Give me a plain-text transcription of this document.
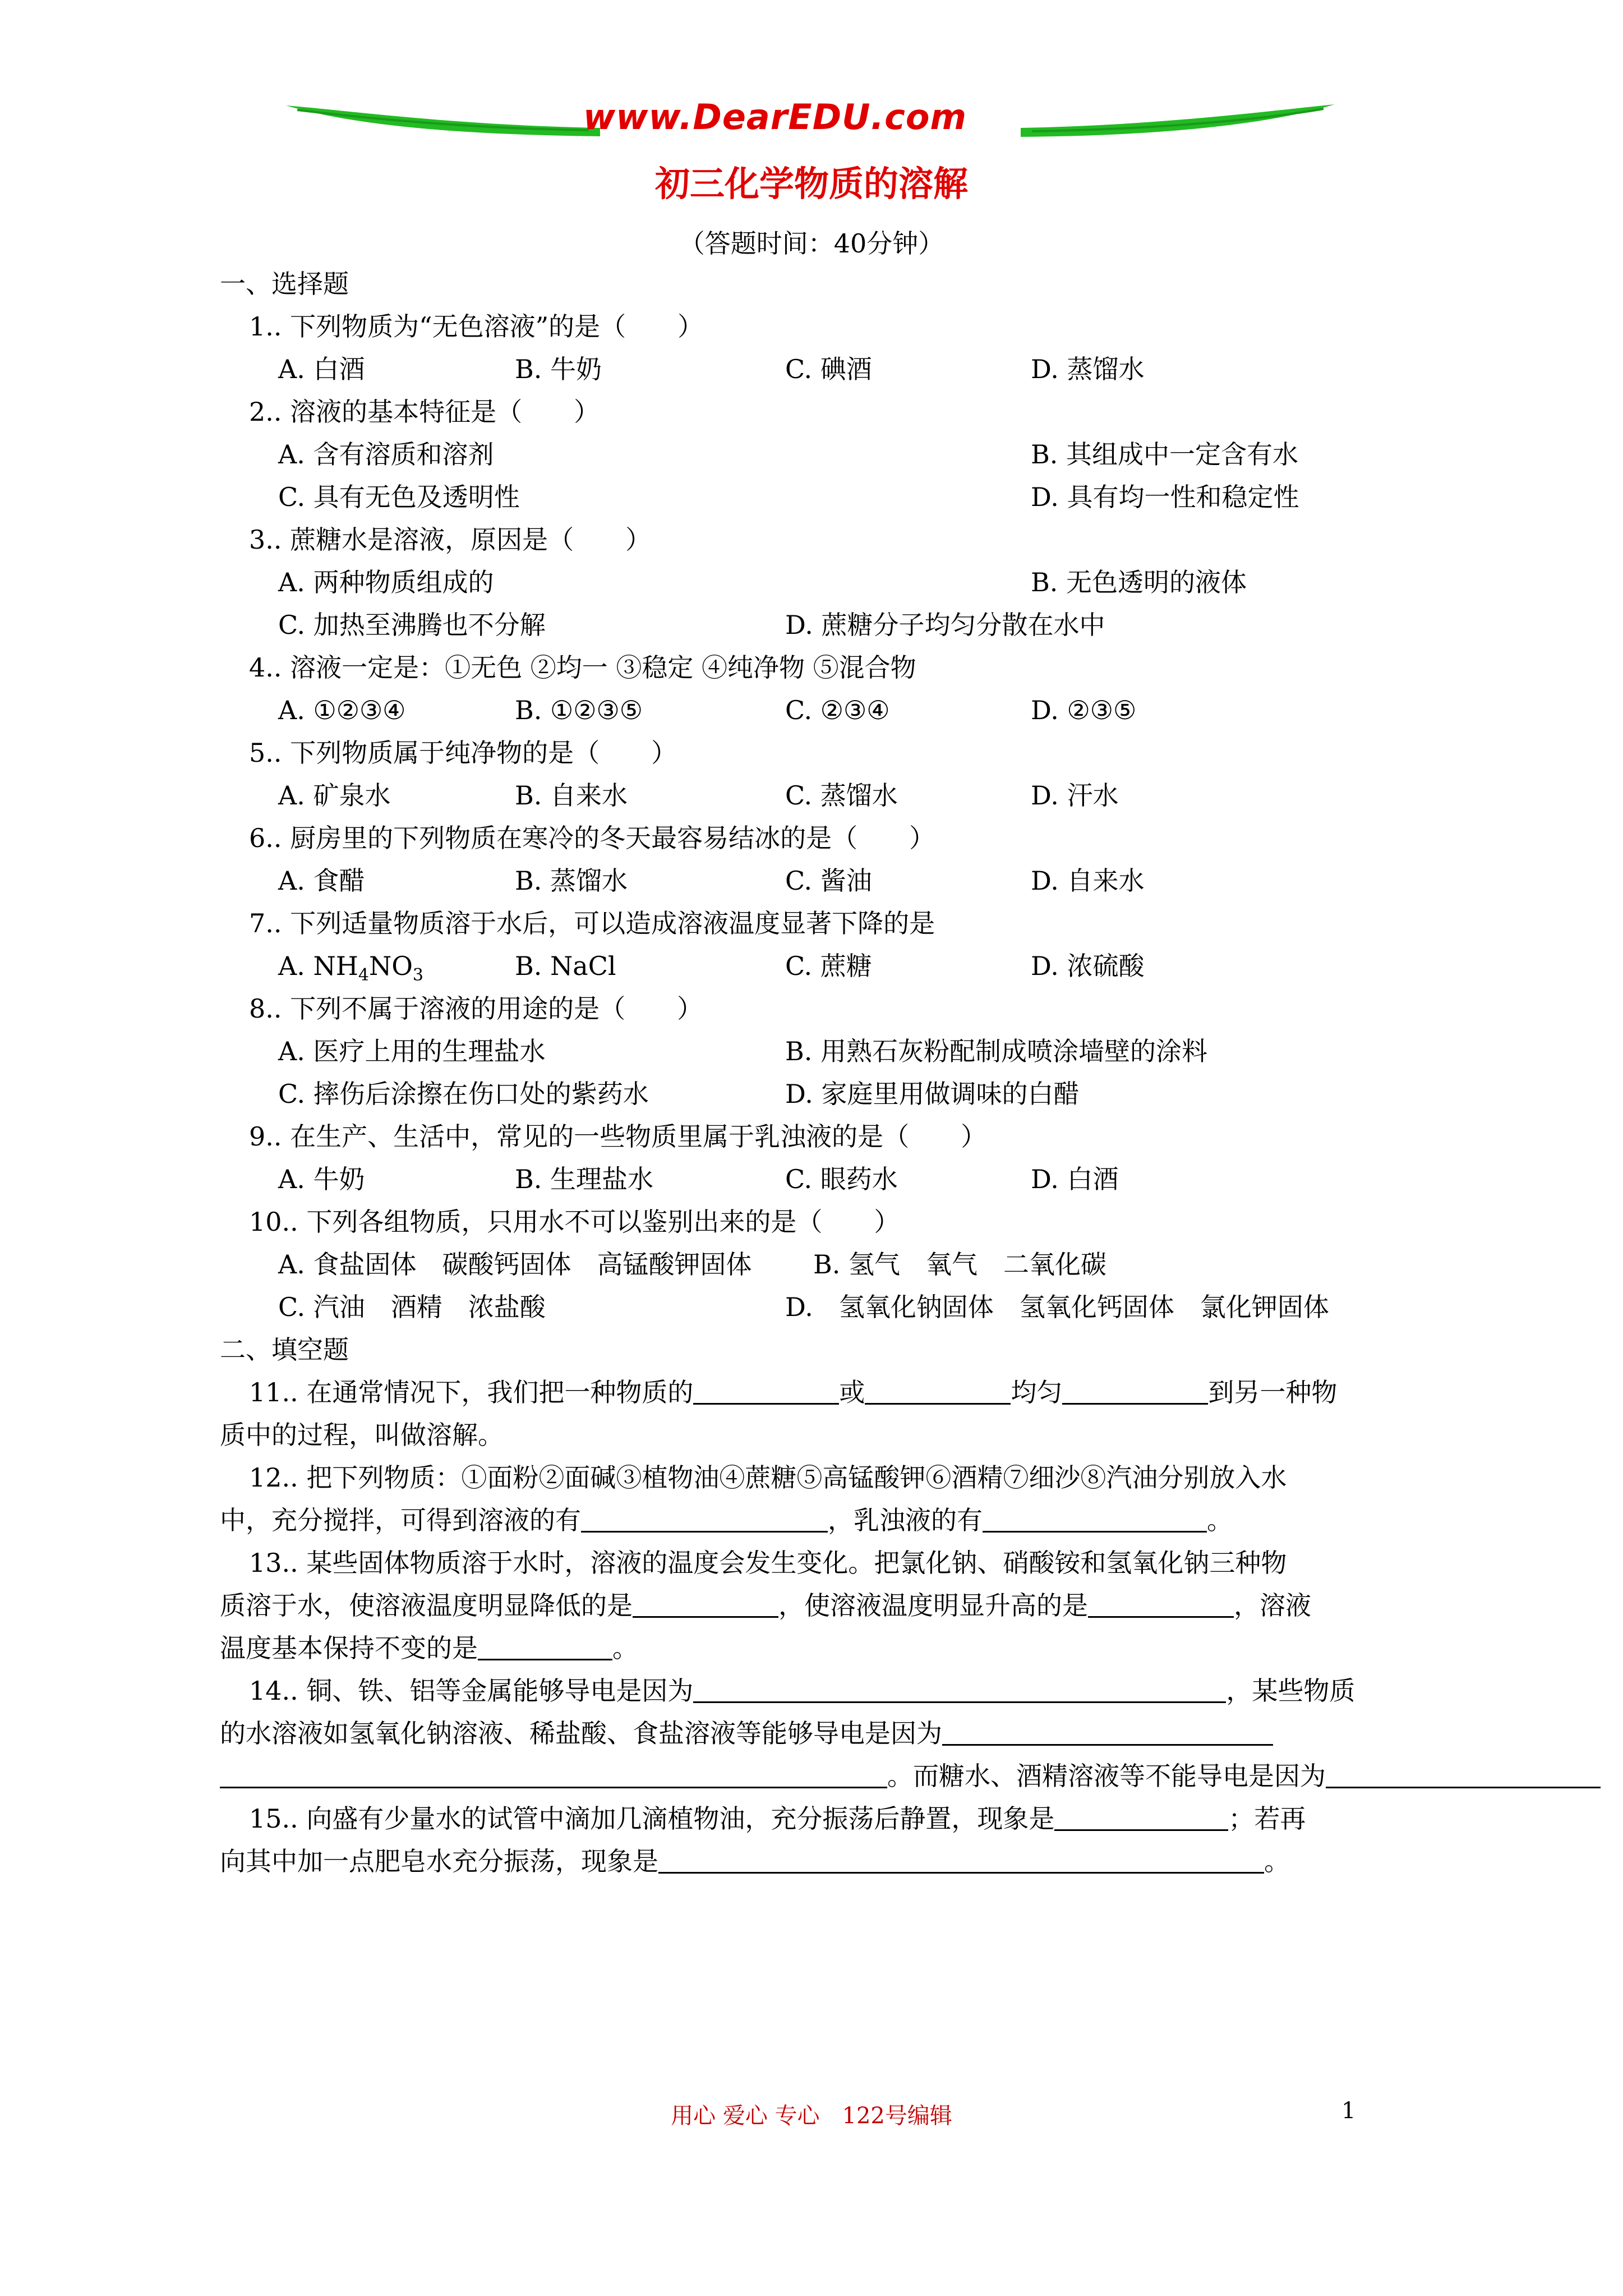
www.DearEDU.com
初三化学物质的溶解
（答题时间：40分钟）
一、选择题
1.. 下列物质为“无色溶液”的是（　　）
A. 白酒	B. 牛奶	C. 碘酒	D. 蒸馏水
2.. 溶液的基本特征是（　　）
A. 含有溶质和溶剂	B. 其组成中一定含有水
C. 具有无色及透明性	D. 具有均一性和稳定性
3.. 蔗糖水是溶液，原因是（　　）
A. 两种物质组成的	B. 无色透明的液体
C. 加热至沸腾也不分解	D. 蔗糖分子均匀分散在水中
4.. 溶液一定是：①无色 ②均一 ③稳定 ④纯净物 ⑤混合物
A. ①②③④	B. ①②③⑤	C. ②③④	D. ②③⑤
5.. 下列物质属于纯净物的是（　　）
A. 矿泉水	B. 自来水	C. 蒸馏水	D. 汗水
6.. 厨房里的下列物质在寒冷的冬天最容易结冰的是（　　）
A. 食醋	B. 蒸馏水	C. 酱油	D. 自来水
7.. 下列适量物质溶于水后，可以造成溶液温度显著下降的是
A. $NH_4NO_3$	B. NaCl	C. 蔗糖	D. 浓硫酸
8.. 下列不属于溶液的用途的是（　　）
A. 医疗上用的生理盐水	B. 用熟石灰粉配制成喷涂墙壁的涂料
C. 摔伤后涂擦在伤口处的紫药水	D. 家庭里用做调味的白醋
9.. 在生产、生活中，常见的一些物质里属于乳浊液的是（　　）
A. 牛奶	B. 生理盐水	C. 眼药水	D. 白酒
10.. 下列各组物质，只用水不可以鉴别出来的是（　　）
A. 食盐固体　碳酸钙固体　高锰酸钾固体 B. 氢气　氧气　二氧化碳
C. 汽油　酒精　浓盐酸	D.　氢氧化钠固体　氢氧化钙固体　氯化钾固体
二、填空题
11.. 在通常情况下，我们把一种物质的	或	均匀	到另一种物
质中的过程，叫做溶解。
12.. 把下列物质：①面粉②面碱③植物油④蔗糖⑤高锰酸钾⑥酒精⑦细沙⑧汽油分别放入水
中，充分搅拌，可得到溶液的有	，乳浊液的有	。
13.. 某些固体物质溶于水时，溶液的温度会发生变化。把氯化钠、硝酸铵和氢氧化钠三种物
质溶于水，使溶液温度明显降低的是	，使溶液温度明显升高的是	，溶液
温度基本保持不变的是	。
14.. 铜、铁、铝等金属能够导电是因为	，某些物质
的水溶液如氢氧化钠溶液、稀盐酸、食盐溶液等能够导电是因为
。而糖水、酒精溶液等不能导电是因为
15.. 向盛有少量水的试管中滴加几滴植物油，充分振荡后静置，现象是	；若再
向其中加一点肥皂水充分振荡，现象是	。
用心 爱心 专心　122号编辑	1
